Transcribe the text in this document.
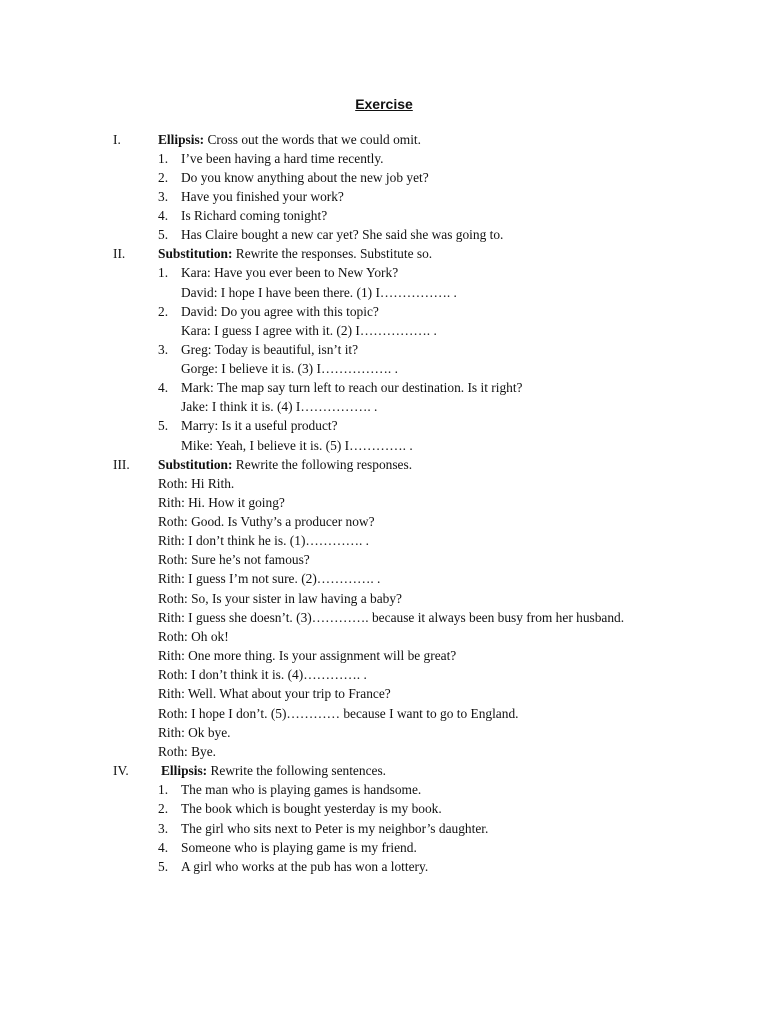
Exercise
I.	Ellipsis: Cross out the words that we could omit.
1. I’ve been having a hard time recently.
2. Do you know anything about the new job yet?
3. Have you finished your work?
4. Is Richard coming tonight?
5. Has Claire bought a new car yet? She said she was going to.
II. Substitution: Rewrite the responses. Substitute so.
1. Kara: Have you ever been to New York?
David: I hope I have been there. (1) I……………. .
2. David: Do you agree with this topic?
Kara: I guess I agree with it. (2) I……………. .
3. Greg: Today is beautiful, isn’t it?
Gorge: I believe it is. (3) I……………. .
4. Mark: The map say turn left to reach our destination. Is it right?
Jake: I think it is. (4) I……………. .
5. Marry: Is it a useful product?
Mike: Yeah, I believe it is. (5) I…………. .
III. Substitution: Rewrite the following responses.
Roth: Hi Rith.
Rith: Hi. How it going?
Roth: Good. Is Vuthy’s a producer now?
Rith: I don’t think he is. (1)…………. .
Roth: Sure he’s not famous?
Rith: I guess I’m not sure. (2)…………. .
Roth: So, Is your sister in law having a baby?
Rith: I guess she doesn’t. (3)…………. because it always been busy from her husband.
Roth: Oh ok!
Rith: One more thing. Is your assignment will be great?
Roth: I don’t think it is. (4)…………. .
Rith: Well. What about your trip to France?
Roth: I hope I don’t. (5)………… because I want to go to England.
Rith: Ok bye.
Roth: Bye.
IV. Ellipsis: Rewrite the following sentences.
1. The man who is playing games is handsome.
2. The book which is bought yesterday is my book.
3. The girl who sits next to Peter is my neighbor’s daughter.
4. Someone who is playing game is my friend.
5. A girl who works at the pub has won a lottery.
